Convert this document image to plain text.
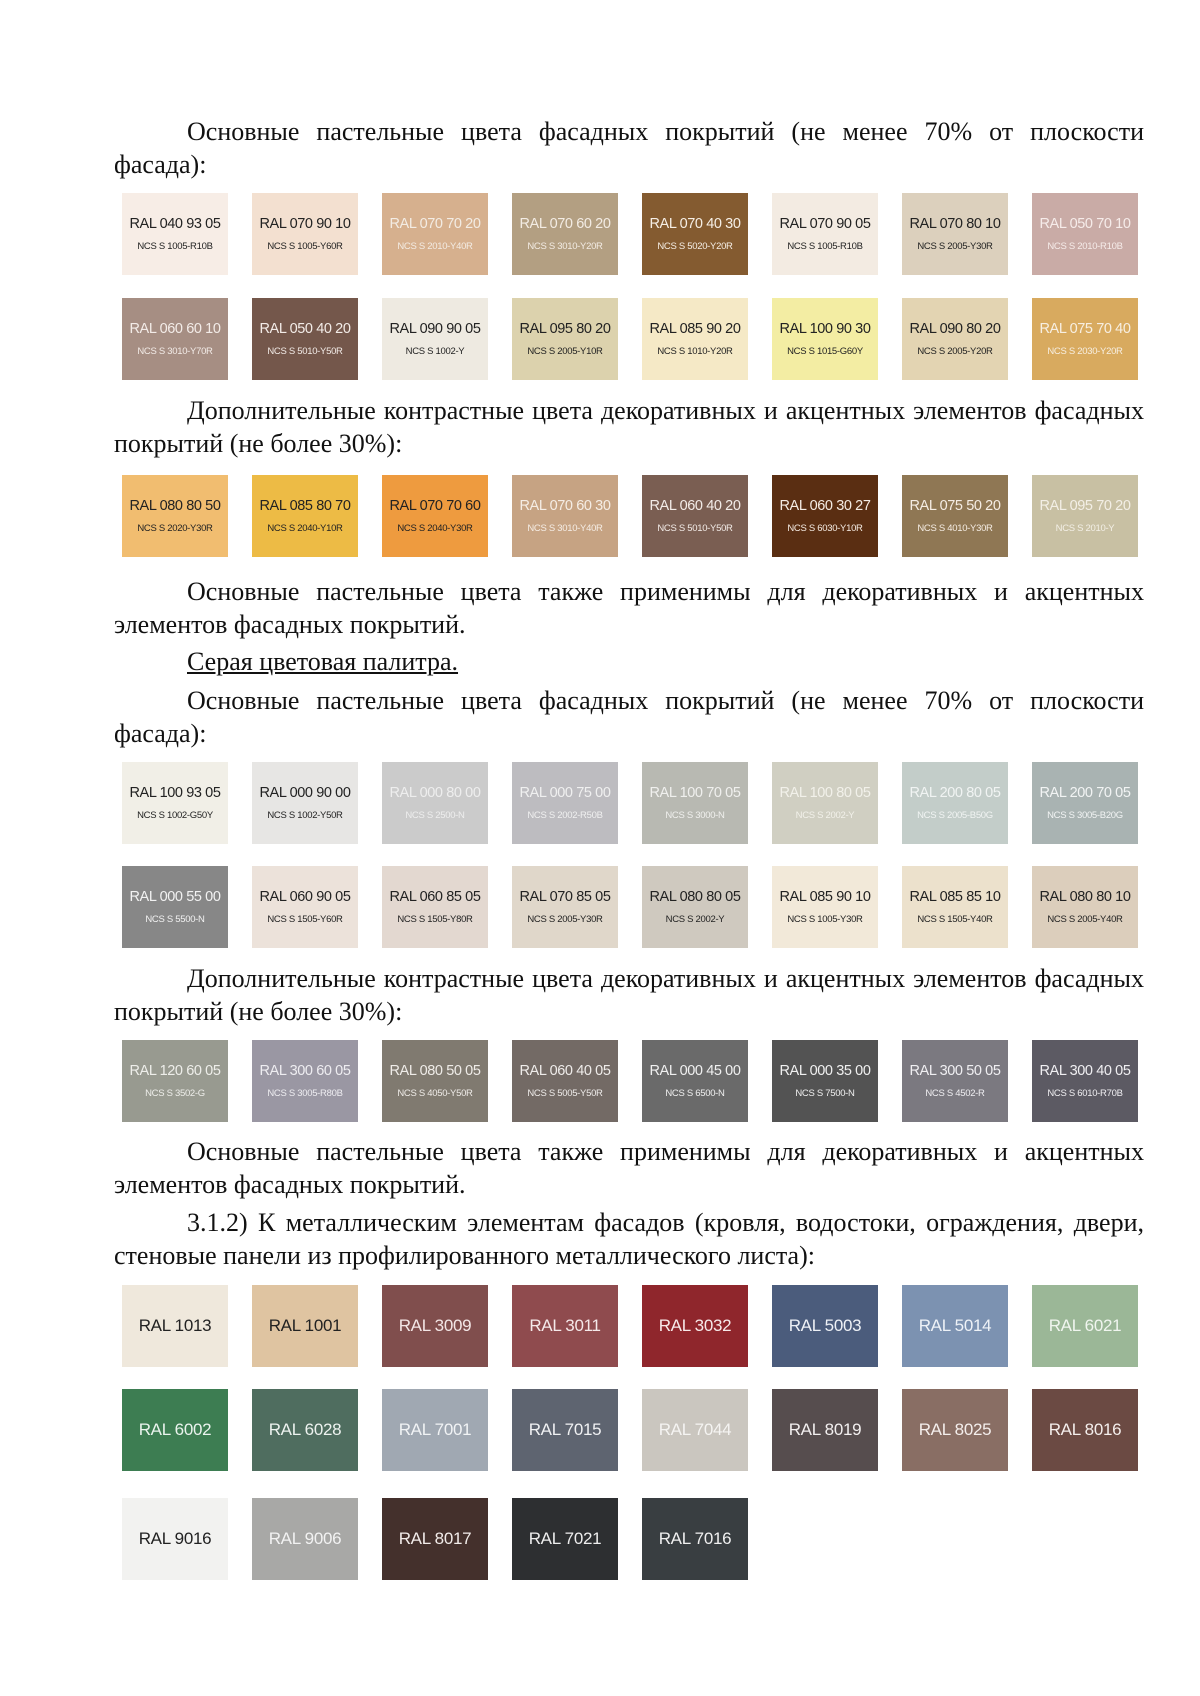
Основные пастельные цвета фасадных покрытий (не менее 70% от плоскости фасада):

RAL 040 93 05
NCS S 1005-R10B
RAL 070 90 10
NCS S 1005-Y60R
RAL 070 70 20
NCS S 2010-Y40R
RAL 070 60 20
NCS S 3010-Y20R
RAL 070 40 30
NCS S 5020-Y20R
RAL 070 90 05
NCS S 1005-R10B
RAL 070 80 10
NCS S 2005-Y30R
RAL 050 70 10
NCS S 2010-R10B
RAL 060 60 10
NCS S 3010-Y70R
RAL 050 40 20
NCS S 5010-Y50R
RAL 090 90 05
NCS S 1002-Y
RAL 095 80 20
NCS S 2005-Y10R
RAL 085 90 20
NCS S 1010-Y20R
RAL 100 90 30
NCS S 1015-G60Y
RAL 090 80 20
NCS S 2005-Y20R
RAL 075 70 40
NCS S 2030-Y20R

Дополнительные контрастные цвета декоративных и акцентных элементов фасадных покрытий (не более 30%):

RAL 080 80 50
NCS S 2020-Y30R
RAL 085 80 70
NCS S 2040-Y10R
RAL 070 70 60
NCS S 2040-Y30R
RAL 070 60 30
NCS S 3010-Y40R
RAL 060 40 20
NCS S 5010-Y50R
RAL 060 30 27
NCS S 6030-Y10R
RAL 075 50 20
NCS S 4010-Y30R
RAL 095 70 20
NCS S 2010-Y

Основные пастельные цвета также применимы для декоративных и акцентных элементов фасадных покрытий.

Серая цветовая палитра.

Основные пастельные цвета фасадных покрытий (не менее 70% от плоскости фасада):

RAL 100 93 05
NCS S 1002-G50Y
RAL 000 90 00
NCS S 1002-Y50R
RAL 000 80 00
NCS S 2500-N
RAL 000 75 00
NCS S 2002-R50B
RAL 100 70 05
NCS S 3000-N
RAL 100 80 05
NCS S 2002-Y
RAL 200 80 05
NCS S 2005-B50G
RAL 200 70 05
NCS S 3005-B20G
RAL 000 55 00
NCS S 5500-N
RAL 060 90 05
NCS S 1505-Y60R
RAL 060 85 05
NCS S 1505-Y80R
RAL 070 85 05
NCS S 2005-Y30R
RAL 080 80 05
NCS S 2002-Y
RAL 085 90 10
NCS S 1005-Y30R
RAL 085 85 10
NCS S 1505-Y40R
RAL 080 80 10
NCS S 2005-Y40R

Дополнительные контрастные цвета декоративных и акцентных элементов фасадных покрытий (не более 30%):

RAL 120 60 05
NCS S 3502-G
RAL 300 60 05
NCS S 3005-R80B
RAL 080 50 05
NCS S 4050-Y50R
RAL 060 40 05
NCS S 5005-Y50R
RAL 000 45 00
NCS S 6500-N
RAL 000 35 00
NCS S 7500-N
RAL 300 50 05
NCS S 4502-R
RAL 300 40 05
NCS S 6010-R70B

Основные пастельные цвета также применимы для декоративных и акцентных элементов фасадных покрытий.

3.1.2) К металлическим элементам фасадов (кровля, водостоки, ограждения, двери, стеновые панели из профилированного металлического листа):

RAL 1013	RAL 1001	RAL 3009	RAL 3011	RAL 3032	RAL 5003	RAL 5014	RAL 6021
RAL 6002	RAL 6028	RAL 7001	RAL 7015	RAL 7044	RAL 8019	RAL 8025	RAL 8016
RAL 9016	RAL 9006	RAL 8017	RAL 7021	RAL 7016
